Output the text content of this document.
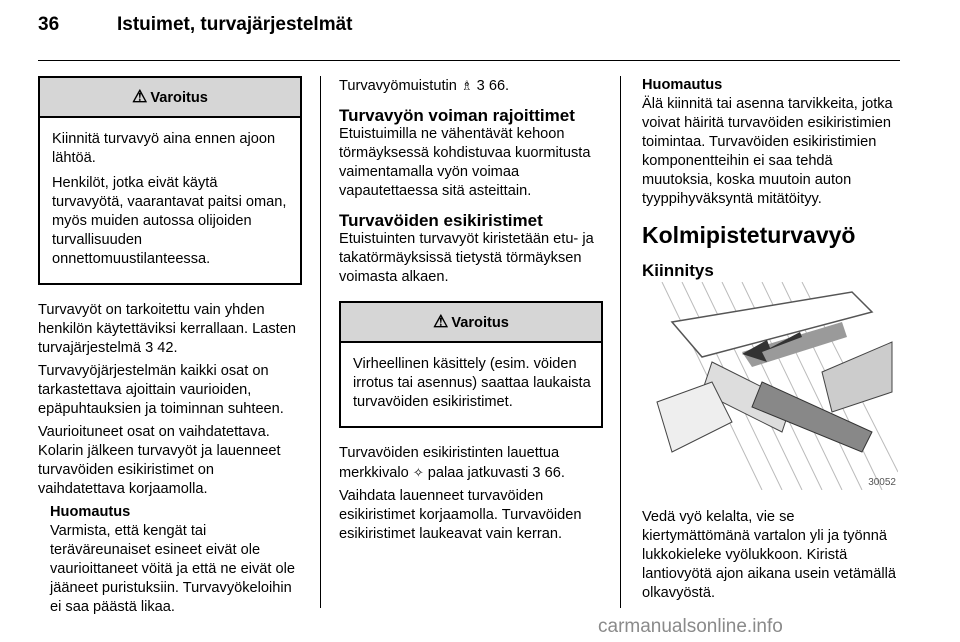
36	Istuimet, turvajärjestelmät
⚠ Varoitus

Kiinnitä turvavyö aina ennen ajoon lähtöä.

Henkilöt, jotka eivät käytä turvavyötä, vaarantavat paitsi oman, myös muiden autossa olijoiden turvallisuuden onnettomuustilanteessa.

Turvavyöt on tarkoitettu vain yhden henkilön käytettäviksi kerrallaan. Lasten turvajärjestelmä 3 42.

Turvavyöjärjestelmän kaikki osat on tarkastettava ajoittain vaurioiden, epäpuhtauksien ja toiminnan suhteen.

Vaurioituneet osat on vaihdatettava. Kolarin jälkeen turvavyöt ja lauenneet turvavöiden esikiristimet on vaihdatettava korjaamolla.

Huomautus
Varmista, että kengät tai teräväreunaiset esineet eivät ole vaurioittaneet vöitä ja että ne eivät ole jääneet puristuksiin. Turvavyökeloihin ei saa päästä likaa.

Turvavyömuistutin ♗ 3 66.

Turvavyön voiman rajoittimet

Etuistuimilla ne vähentävät kehoon törmäyksessä kohdistuvaa kuormitusta vaimentamalla vyön voimaa vapautettaessa sitä asteittain.

Turvavöiden esikiristimet

Etuistuinten turvavyöt kiristetään etu- ja takatörmäyksissä tietystä törmäyksen voimasta alkaen.

⚠ Varoitus

Virheellinen käsittely (esim. vöiden irrotus tai asennus) saattaa laukaista turvavöiden esikiristimet.

Turvavöiden esikiristinten lauettua merkkivalo ✧ palaa jatkuvasti 3 66.

Vaihdata lauenneet turvavöiden esikiristimet korjaamolla. Turvavöiden esikiristimet laukeavat vain kerran.

Huomautus
Älä kiinnitä tai asenna tarvikkeita, jotka voivat häiritä turvavöiden esikiristimien toimintaa. Turvavöiden esikiristimien komponentteihin ei saa tehdä muutoksia, koska muutoin auton tyyppihyväksyntä mitätöityy.
Kolmipisteturvavyö
Kiinnitys
30052

Vedä vyö kelalta, vie se kiertymättömänä vartalon yli ja työnnä lukkokieleke vyölukkoon. Kiristä lantiovyötä ajon aikana usein vetämällä olkavyöstä.

carmanualsonline.info
